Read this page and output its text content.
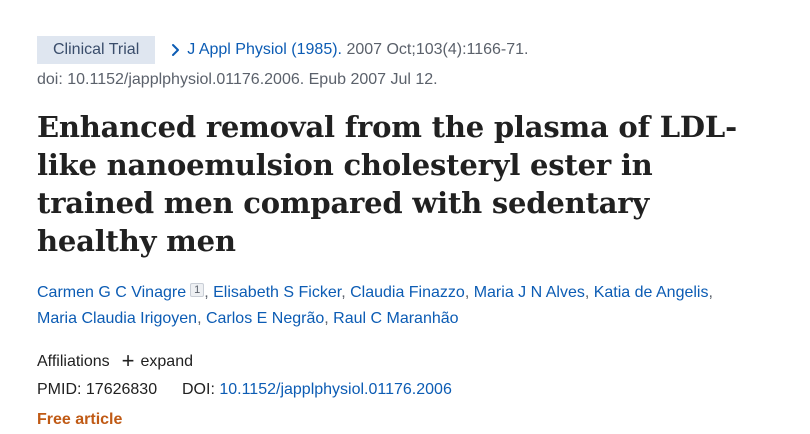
Clinical Trial	J Appl Physiol (1985). 2007 Oct;103(4):1166-71.
doi: 10.1152/japplphysiol.01176.2006. Epub 2007 Jul 12.
Enhanced removal from the plasma of LDL-like nanoemulsion cholesteryl ester in trained men compared with sedentary healthy men
Carmen G C Vinagre 1 , Elisabeth S Ficker, Claudia Finazzo, Maria J N Alves, Katia de Angelis,
Maria Claudia Irigoyen, Carlos E Negrão, Raul C Maranhão
Affiliations + expand
PMID: 17626830 DOI: 10.1152/japplphysiol.01176.2006
Free article
